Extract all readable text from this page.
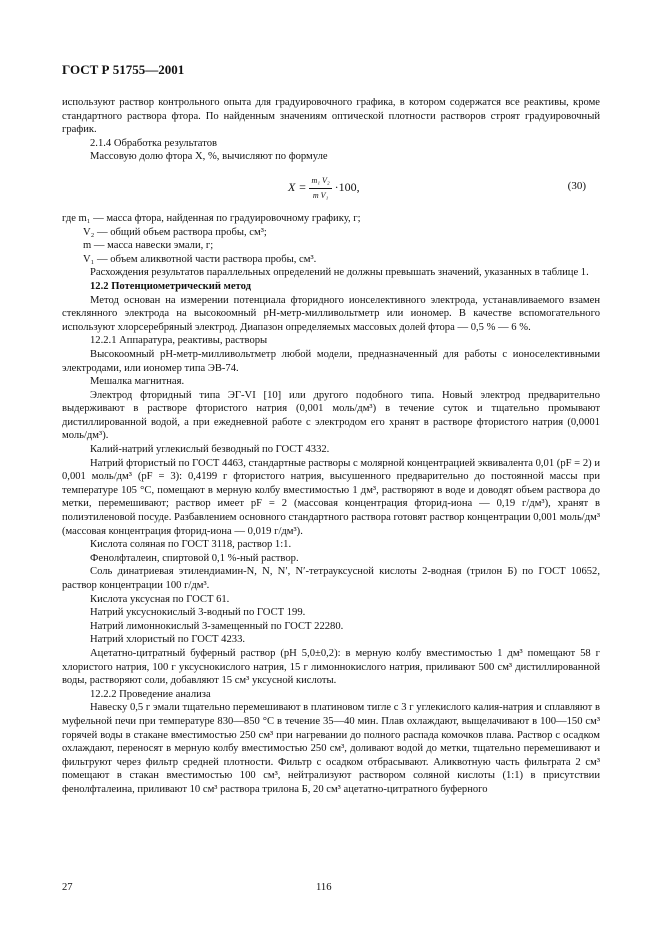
ГОСТ Р 51755—2001

используют раствор контрольного опыта для градуировочного графика, в котором содержатся все реактивы, кроме стандартного раствора фтора. По найденным значениям оптической плотности растворов строят градуировочный график.

2.1.4 Обработка результатов

Массовую долю фтора X, %, вычисляют по формуле

$X = \frac{\text{m₁ V₂}}{\text{m V₁}} \cdot 100$,	(30)

где m₁ — масса фтора, найденная по градуировочному графику, г;

V₂ — общий объем раствора пробы, см³;

m — масса навески эмали, г;

V₁ — объем аликвотной части раствора пробы, см³.

Расхождения результатов параллельных определений не должны превышать значений, указанных в таблице 1.

12.2 Потенциометрический метод

Метод основан на измерении потенциала фторидного ионселективного электрода, устанавливаемого взамен стеклянного электрода на высокоомный pH-метр-милливольтметр или иономер. В качестве вспомогательного используют хлорсеребряный электрод. Диапазон определяемых массовых долей фтора — 0,5 % — 6 %.

12.2.1 Аппаратура, реактивы, растворы

Высокоомный pH-метр-милливольтметр любой модели, предназначенный для работы с ионоселективными электродами, или иономер типа ЭВ-74.

Мешалка магнитная.

Электрод фторидный типа ЭГ-VI [10] или другого подобного типа. Новый электрод предварительно выдерживают в растворе фтористого натрия (0,001 моль/дм³) в течение суток и тщательно промывают дистиллированной водой, а при ежедневной работе с электродом его хранят в растворе фтористого натрия (0,0001 моль/дм³).

Калий-натрий углекислый безводный по ГОСТ 4332.

Натрий фтористый по ГОСТ 4463, стандартные растворы с молярной концентрацией эквивалента 0,01 (pF = 2) и 0,001 моль/дм³ (pF = 3): 0,4199 г фтористого натрия, высушенного предварительно до постоянной массы при температуре 105 °С, помещают в мерную колбу вместимостью 1 дм³, растворяют в воде и доводят объем раствора до метки, перемешивают; раствор имеет pF = 2 (массовая концентрация фторид-иона — 0,19 г/дм³), хранят в полиэтиленовой посуде. Разбавлением основного стандартного раствора готовят раствор концентрации 0,001 моль/дм³ (массовая концентрация фторид-иона — 0,019 г/дм³).

Кислота соляная по ГОСТ 3118, раствор 1:1.

Фенолфталеин, спиртовой 0,1 %-ный раствор.

Соль динатриевая этилендиамин-N, N, N′, N′-тетрауксусной кислоты 2-водная (трилон Б) по ГОСТ 10652, раствор концентрации 100 г/дм³.

Кислота уксусная по ГОСТ 61.

Натрий уксуснокислый 3-водный по ГОСТ 199.

Натрий лимоннокислый 3-замещенный по ГОСТ 22280.

Натрий хлористый по ГОСТ 4233.

Ацетатно-цитратный буферный раствор (pH 5,0±0,2): в мерную колбу вместимостью 1 дм³ помещают 58 г хлористого натрия, 100 г уксуснокислого натрия, 15 г лимоннокислого натрия, приливают 500 см³ дистиллированной воды, растворяют соли, добавляют 15 см³ уксусной кислоты.

12.2.2 Проведение анализа

Навеску 0,5 г эмали тщательно перемешивают в платиновом тигле с 3 г углекислого калия-натрия и сплавляют в муфельной печи при температуре 830—850 °С в течение 35—40 мин. Плав охлаждают, выщелачивают в 100—150 см³ горячей воды в стакане вместимостью 250 см³ при нагревании до полного распада комочков плава. Раствор с осадком охлаждают, переносят в мерную колбу вместимостью 250 см³, доливают водой до метки, тщательно перемешивают и фильтруют через фильтр средней плотности. Фильтр с осадком отбрасывают. Аликвотную часть фильтрата 2 см³ помещают в стакан вместимостью 100 см³, нейтрализуют раствором соляной кислоты (1:1) в присутствии фенолфталеина, приливают 10 см³ раствора трилона Б, 20 см³ ацетатно-цитратного буферного

27	116
